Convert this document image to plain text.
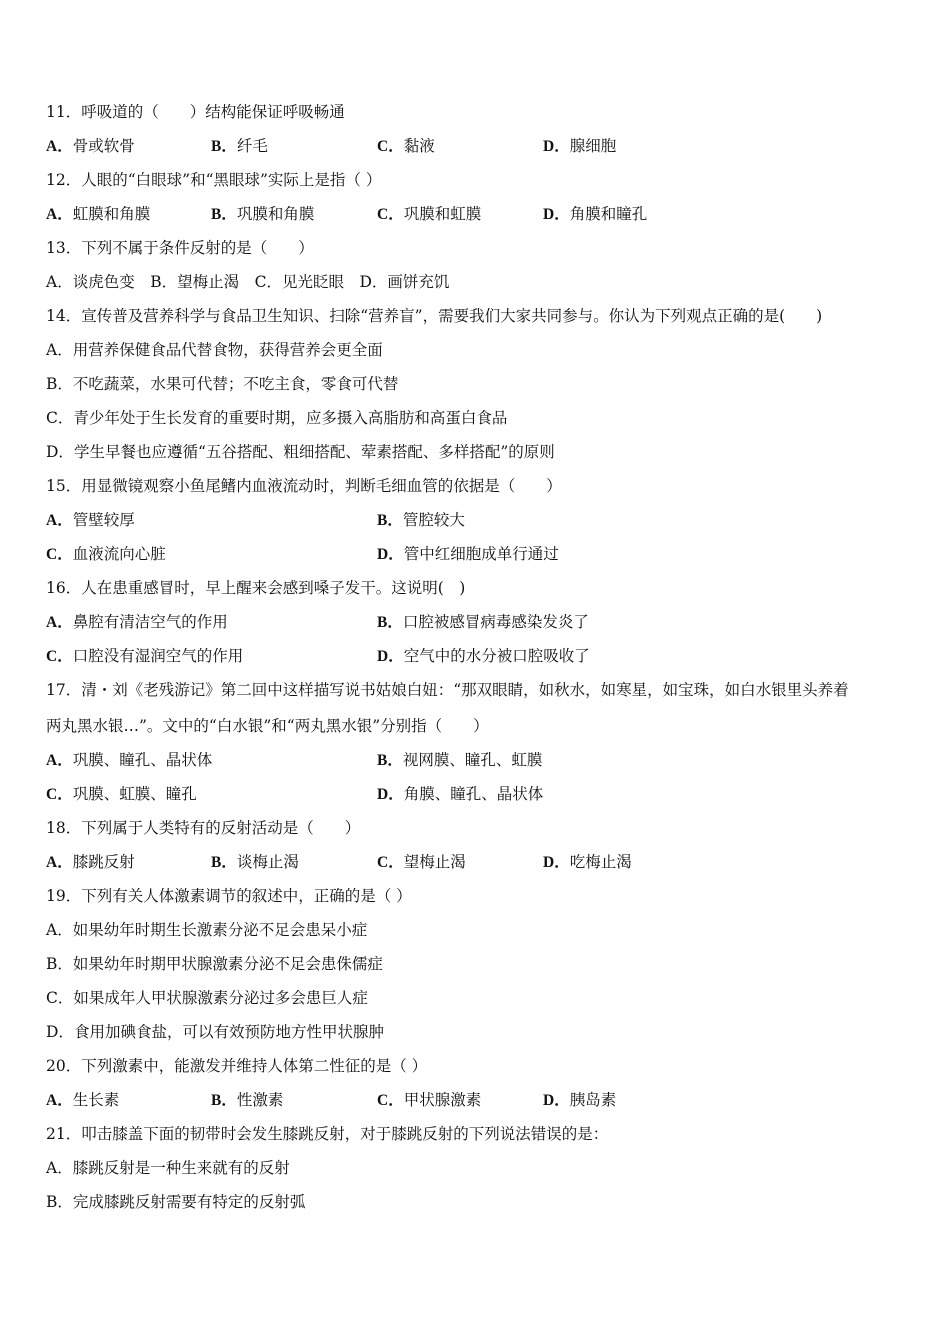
11．呼吸道的（　　）结构能保证呼吸畅通
A．骨或软骨	B．纤毛	C．黏液	D．腺细胞
12．人眼的“白眼球”和“黑眼球”实际上是指（ ）
A．虹膜和角膜	B．巩膜和角膜	C．巩膜和虹膜	D．角膜和瞳孔
13．下列不属于条件反射的是（　　）
A．谈虎色变　B．望梅止渴　C．见光眨眼　D．画饼充饥
14．宣传普及营养科学与食品卫生知识、扫除“营养盲”，需要我们大家共同参与。你认为下列观点正确的是(　　)
A．用营养保健食品代替食物，获得营养会更全面
B．不吃蔬菜，水果可代替；不吃主食，零食可代替
C．青少年处于生长发育的重要时期，应多摄入高脂肪和高蛋白食品
D．学生早餐也应遵循“五谷搭配、粗细搭配、荤素搭配、多样搭配”的原则
15．用显微镜观察小鱼尾鳍内血液流动时，判断毛细血管的依据是（　　）
A．管壁较厚	B．管腔较大
C．血液流向心脏	D．管中红细胞成单行通过
16．人在患重感冒时，早上醒来会感到嗓子发干。这说明(　)
A．鼻腔有清洁空气的作用	B．口腔被感冒病毒感染发炎了
C．口腔没有湿润空气的作用	D．空气中的水分被口腔吸收了
17．清・刘《老残游记》第二回中这样描写说书姑娘白妞：“那双眼睛，如秋水，如寒星，如宝珠，如白水银里头养着
两丸黑水银…”。文中的“白水银”和“两丸黑水银”分别指（　　）
A．巩膜、瞳孔、晶状体	B．视网膜、瞳孔、虹膜
C．巩膜、虹膜、瞳孔	D．角膜、瞳孔、晶状体
18．下列属于人类特有的反射活动是（　　）
A．膝跳反射	B．谈梅止渴	C．望梅止渴	D．吃梅止渴
19．下列有关人体激素调节的叙述中，正确的是（ ）
A．如果幼年时期生长激素分泌不足会患呆小症
B．如果幼年时期甲状腺激素分泌不足会患侏儒症
C．如果成年人甲状腺激素分泌过多会患巨人症
D．食用加碘食盐，可以有效预防地方性甲状腺肿
20．下列激素中，能激发并维持人体第二性征的是（ ）
A．生长素	B．性激素	C．甲状腺激素	D．胰岛素
21．叩击膝盖下面的韧带时会发生膝跳反射，对于膝跳反射的下列说法错误的是：
A．膝跳反射是一种生来就有的反射
B．完成膝跳反射需要有特定的反射弧
